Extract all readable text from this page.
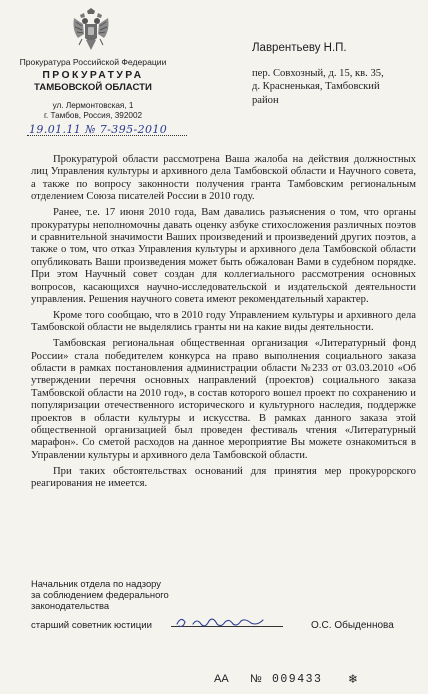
Прокуратура Российской Федерации
ПРОКУРАТУРА
ТАМБОВСКОЙ ОБЛАСТИ
ул. Лермонтовская, 1
г. Тамбов, Россия, 392002
19.01.11 № 7-395-2010
Лаврентьеву Н.П.
пер. Совхозный, д. 15, кв. 35,
д. Красненькая, Тамбовский
район

Прокуратурой области рассмотрена Ваша жалоба на действия должностных лиц Управления культуры и архивного дела Тамбовской области и Научного совета, а также по вопросу законности получения гранта Тамбовским региональным отделением Союза писателей России в 2010 году.

Ранее, т.е. 17 июня 2010 года, Вам давались разъяснения о том, что органы прокуратуры неполномочны давать оценку азбуке стихосложения различных поэтов и сравнительной значимости Ваших произведений и произведений других поэтов, а также о том, что отказ Управления культуры и архивного дела Тамбовской области опубликовать Ваши произведения может быть обжалован Вами в судебном порядке. При этом Научный совет создан для коллегиального рассмотрения основных вопросов, касающихся научно-исследовательской и издательской деятельности управления. Решения научного совета имеют рекомендательный характер.

Кроме того сообщаю, что в 2010 году Управлением культуры и архивного дела Тамбовской области не выделялись гранты ни на какие виды деятельности.

Тамбовская региональная общественная организация «Литературный фонд России» стала победителем конкурса на право выполнения социального заказа области в рамках постановления администрации области №233 от 03.03.2010 «Об утверждении перечня основных направлений (проектов) социального заказа Тамбовской области на 2010 год», в состав которого вошел проект по сохранению и популяризации отечественного исторического и культурного наследия, поддержке проектов в области культуры и искусства. В рамках данного заказа этой общественной организацией был проведен фестиваль чтения «Литературный марафон». Со сметой расходов на данное мероприятие Вы можете ознакомиться в Управлении культуры и архивного дела Тамбовской области.

При таких обстоятельствах оснований для принятия мер прокурорского реагирования не имеется.

Начальник отдела по надзору
за соблюдением федерального
законодательства
старший советник юстиции	О.С. Обыденнова
АА № 009433 ❄
